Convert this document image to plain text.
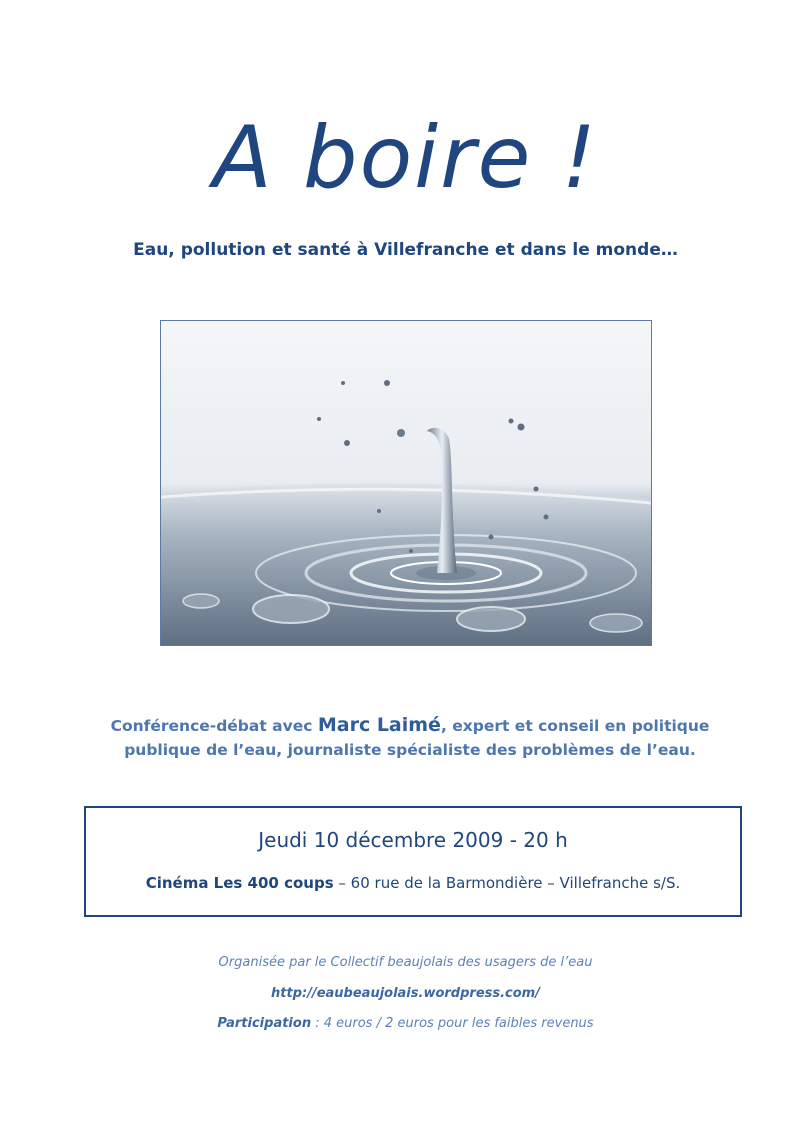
A boire !
Eau, pollution et santé à Villefranche et dans le monde…
Conférence-débat avec Marc Laimé, expert et conseil en politique
publique de l’eau, journaliste spécialiste des problèmes de l’eau.
Jeudi 10 décembre 2009 - 20 h
Cinéma Les 400 coups – 60 rue de la Barmondière – Villefranche s/S.
Organisée par le Collectif beaujolais des usagers de l’eau
http://eaubeaujolais.wordpress.com/
Participation : 4 euros / 2 euros pour les faibles revenus
